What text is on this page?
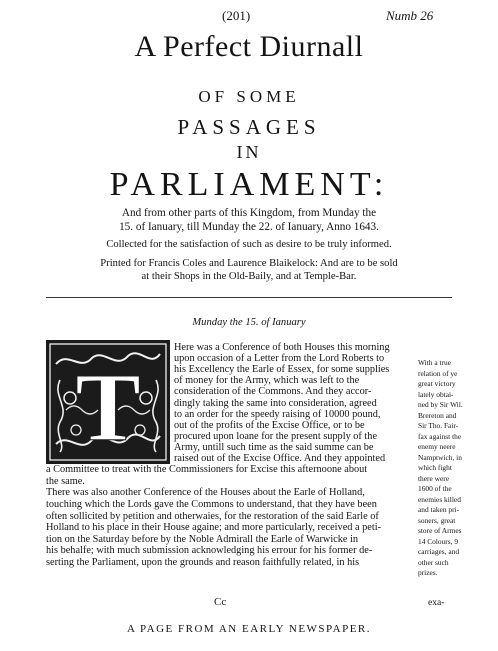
(201)	Numb 26
A Perfect Diurnall
OF SOME
PASSAGES
IN
PARLIAMENT:
And from other parts of this Kingdom, from Munday the
15. of Ianuary, till Munday the 22. of Ianuary, Anno 1643.
Collected for the satisfaction of such as desire to be truly informed.
Printed for Francis Coles and Laurence Blaikelock: And are to be sold
at their Shops in the Old-Baily, and at Temple-Bar.
Munday the 15. of Ianuary
T
Here was a Conference of both Houses this morning
upon occasion of a Letter from the Lord Roberts to
his Excellency the Earle of Essex, for some supplies
of money for the Army, which was left to the
consideration of the Commons. And they accor-
dingly taking the same into consideration, agreed
to an order for the speedy raising of 10000 pound,
out of the profits of the Excise Office, or to be
procured upon loane for the present supply of the
Army, untill such time as the said summe can be
raised out of the Excise Office. And they appointed
a Committee to treat with the Commissioners for Excise this afternoone about
the same.
There was also another Conference of the Houses about the Earle of Holland,
touching which the Lords gave the Commons to understand, that they have been
often sollicited by petition and otherwaies, for the restoration of the said Earle of
Holland to his place in their House againe; and more particularly, received a peti-
tion on the Saturday before by the Noble Admirall the Earle of Warwicke in
his behalfe; with much submission acknowledging his errour for his former de-
serting the Parliament, upon the grounds and reason faithfully related, in his
With a true
relation of ye
great victory
lately obtai-
ned by Sir Wil.
Brereton and
Sir Tho. Fair-
fax against the
enemy neere
Namptwich, in
which fight
there were
1600 of the
enemies killed
and taken pri-
soners, great
store of Armes
14 Colours, 9
carriages, and
other such
prizes.
Cc	exa-
A PAGE FROM AN EARLY NEWSPAPER.
